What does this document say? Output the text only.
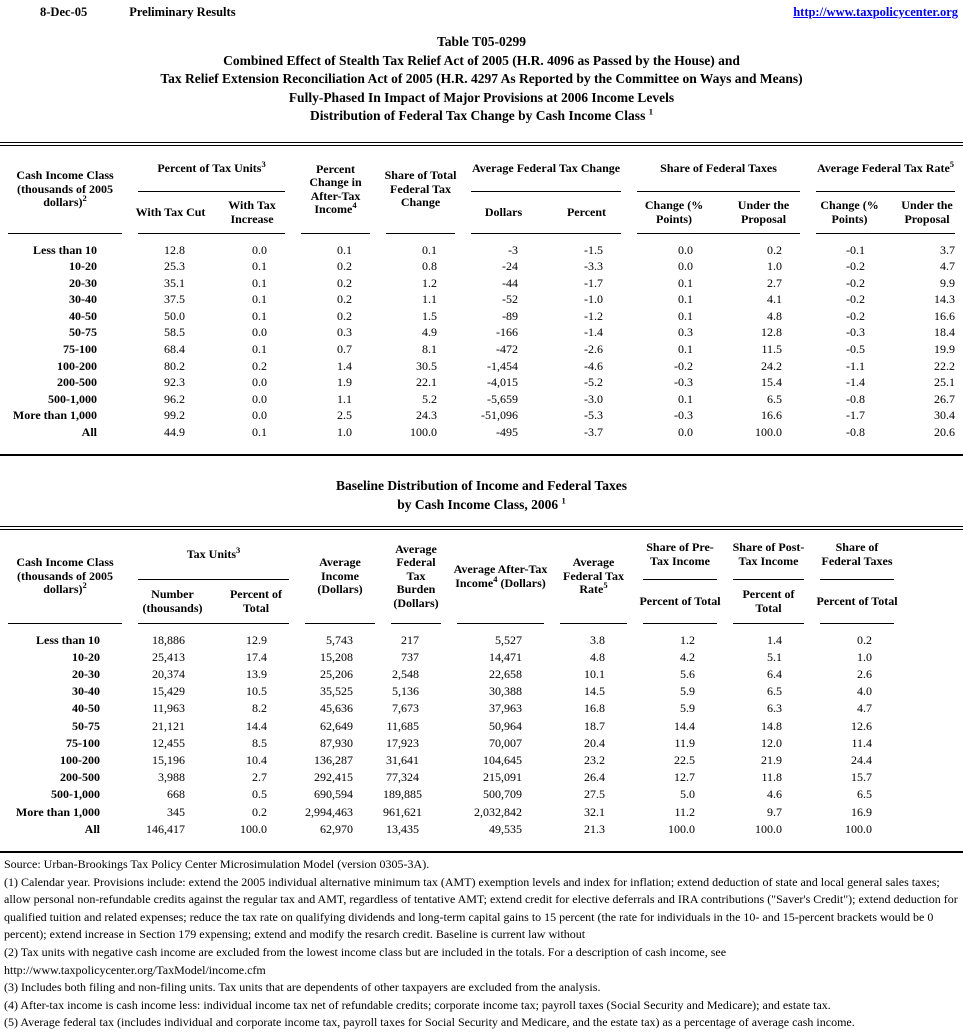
8-Dec-05	Preliminary Results	http://www.taxpolicycenter.org
Table T05-0299
Combined Effect of Stealth Tax Relief Act of 2005 (H.R. 4096 as Passed by the House) and
Tax Relief Extension Reconciliation Act of 2005 (H.R. 4297 As Reported by the Committee on Ways and Means)
Fully-Phased In Impact of Major Provisions at 2006 Income Levels
Distribution of Federal Tax Change by Cash Income Class $^1$
Cash Income Class (thousands of 2005 dollars)$^2$	Percent of Tax Units$^3$		Percent Change in After-Tax Income$^4$	Share of Total Federal Tax Change	Average Federal Tax Change		Share of Federal Taxes		Average Federal Tax Rate$^5$

	With Tax Cut	With Tax Increase			Dollars	Percent	Change (% Points)	Under the Proposal	Change (% Points)	Under the Proposal

Less than 10	12.8	0.0	0.1	0.1	-3	-1.5	0.0	0.2	-0.1	3.7
10-20	25.3	0.1	0.2	0.8	-24	-3.3	0.0	1.0	-0.2	4.7
20-30	35.1	0.1	0.2	1.2	-44	-1.7	0.1	2.7	-0.2	9.9
30-40	37.5	0.1	0.2	1.1	-52	-1.0	0.1	4.1	-0.2	14.3
40-50	50.0	0.1	0.2	1.5	-89	-1.2	0.1	4.8	-0.2	16.6
50-75	58.5	0.0	0.3	4.9	-166	-1.4	0.3	12.8	-0.3	18.4
75-100	68.4	0.1	0.7	8.1	-472	-2.6	0.1	11.5	-0.5	19.9
100-200	80.2	0.2	1.4	30.5	-1,454	-4.6	-0.2	24.2	-1.1	22.2
200-500	92.3	0.0	1.9	22.1	-4,015	-5.2	-0.3	15.4	-1.4	25.1
500-1,000	96.2	0.0	1.1	5.2	-5,659	-3.0	0.1	6.5	-0.8	26.7
More than 1,000	99.2	0.0	2.5	24.3	-51,096	-5.3	-0.3	16.6	-1.7	30.4
All	44.9	0.1	1.0	100.0	-495	-3.7	0.0	100.0	-0.8	20.6
Baseline Distribution of Income and Federal Taxes
by Cash Income Class, 2006 $^1$
Cash Income Class (thousands of 2005 dollars)$^2$	Tax Units$^3$		Average Income (Dollars)	Average Federal Tax Burden (Dollars)	Average After-Tax Income$^4$ (Dollars)	Average Federal Tax Rate$^5$	Share of Pre-Tax Income	Share of Post-Tax Income	Share of Federal Taxes

	Number (thousands)	Percent of Total					Percent of Total	Percent of Total	Percent of Total

Less than 10	18,886	12.9	5,743	217	5,527	3.8	1.2	1.4	0.2
10-20	25,413	17.4	15,208	737	14,471	4.8	4.2	5.1	1.0
20-30	20,374	13.9	25,206	2,548	22,658	10.1	5.6	6.4	2.6
30-40	15,429	10.5	35,525	5,136	30,388	14.5	5.9	6.5	4.0
40-50	11,963	8.2	45,636	7,673	37,963	16.8	5.9	6.3	4.7
50-75	21,121	14.4	62,649	11,685	50,964	18.7	14.4	14.8	12.6
75-100	12,455	8.5	87,930	17,923	70,007	20.4	11.9	12.0	11.4
100-200	15,196	10.4	136,287	31,641	104,645	23.2	22.5	21.9	24.4
200-500	3,988	2.7	292,415	77,324	215,091	26.4	12.7	11.8	15.7
500-1,000	668	0.5	690,594	189,885	500,709	27.5	5.0	4.6	6.5
More than 1,000	345	0.2	2,994,463	961,621	2,032,842	32.1	11.2	9.7	16.9
All	146,417	100.0	62,970	13,435	49,535	21.3	100.0	100.0	100.0
Source: Urban-Brookings Tax Policy Center Microsimulation Model (version 0305-3A).
(1) Calendar year. Provisions include: extend the 2005 individual alternative minimum tax (AMT) exemption levels and index for inflation; extend deduction of state and local general sales taxes; allow personal non-refundable credits against the regular tax and AMT, regardless of tentative AMT; extend credit for elective deferrals and IRA contributions ("Saver's Credit"); extend deduction for qualified tuition and related expenses; reduce the tax rate on qualifying dividends and long-term capital gains to 15 percent (the rate for individuals in the 10- and 15-percent brackets would be 0 percent); extend increase in Section 179 expensing; extend and modify the resarch credit. Baseline is current law without
(2) Tax units with negative cash income are excluded from the lowest income class but are included in the totals. For a description of cash income, see
http://www.taxpolicycenter.org/TaxModel/income.cfm
(3) Includes both filing and non-filing units. Tax units that are dependents of other taxpayers are excluded from the analysis.
(4) After-tax income is cash income less: individual income tax net of refundable credits; corporate income tax; payroll taxes (Social Security and Medicare); and estate tax.
(5) Average federal tax (includes individual and corporate income tax, payroll taxes for Social Security and Medicare, and the estate tax) as a percentage of average cash income.
